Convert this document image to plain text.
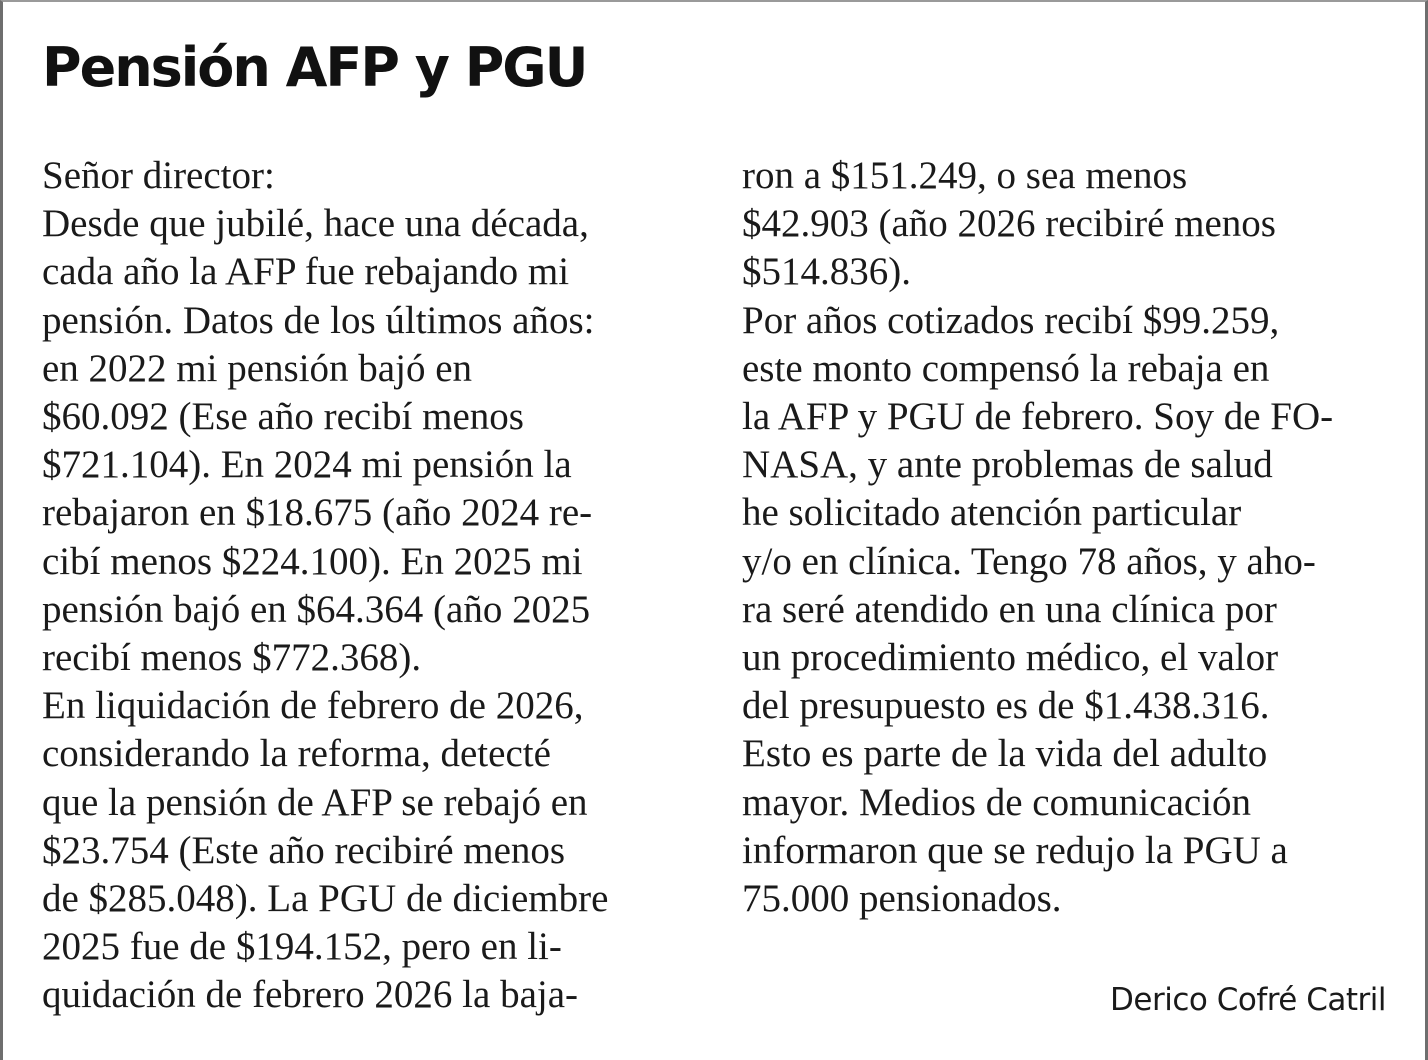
Pensión AFP y PGU
Señor director:
Desde que jubilé, hace una década,
cada año la AFP fue rebajando mi
pensión. Datos de los últimos años:
en 2022 mi pensión bajó en
$60.092 (Ese año recibí menos
$721.104). En 2024 mi pensión la
rebajaron en $18.675 (año 2024 re-
cibí menos $224.100). En 2025 mi
pensión bajó en $64.364 (año 2025
recibí menos $772.368).
En liquidación de febrero de 2026,
considerando la reforma, detecté
que la pensión de AFP se rebajó en
$23.754 (Este año recibiré menos
de $285.048). La PGU de diciembre
2025 fue de $194.152, pero en li-
quidación de febrero 2026 la baja-
ron a $151.249, o sea menos
$42.903 (año 2026 recibiré menos
$514.836).
Por años cotizados recibí $99.259,
este monto compensó la rebaja en
la AFP y PGU de febrero. Soy de FO-
NASA, y ante problemas de salud
he solicitado atención particular
y/o en clínica. Tengo 78 años, y aho-
ra seré atendido en una clínica por
un procedimiento médico, el valor
del presupuesto es de $1.438.316.
Esto es parte de la vida del adulto
mayor. Medios de comunicación
informaron que se redujo la PGU a
75.000 pensionados.

Derico Cofré Catril
